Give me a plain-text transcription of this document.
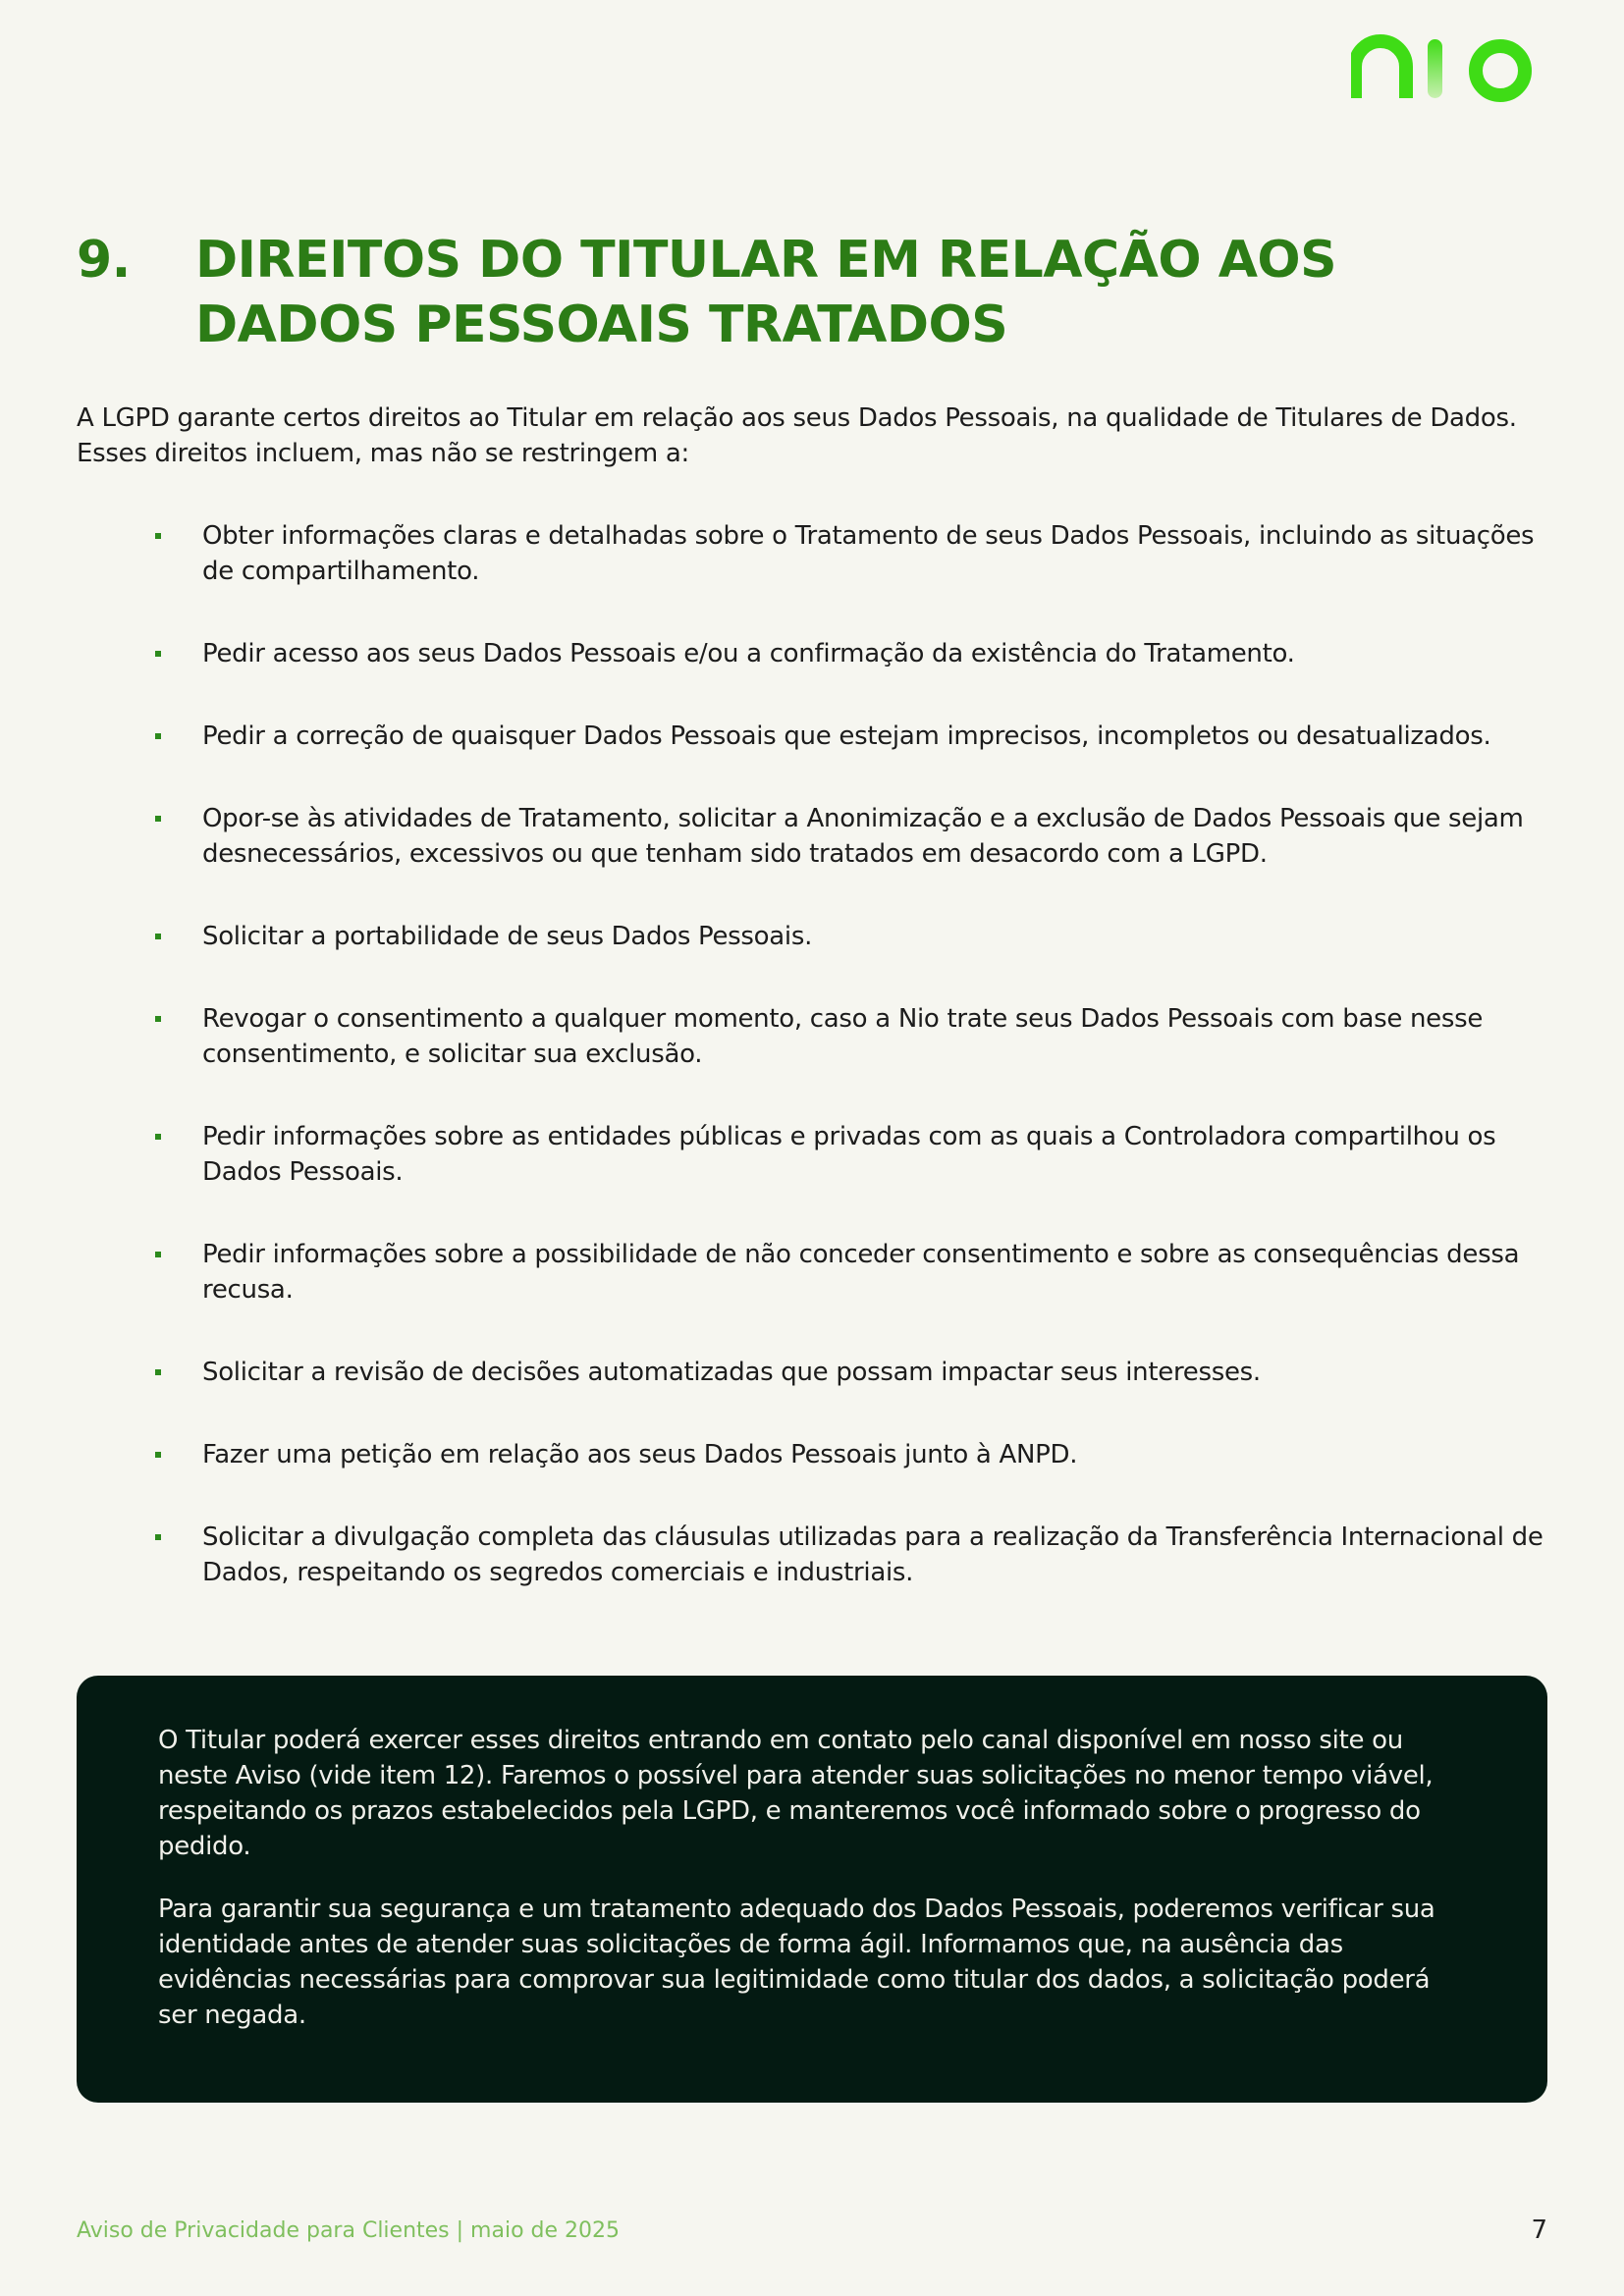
9. DIREITOS DO TITULAR EM RELAÇÃO AOS DADOS PESSOAIS TRATADOS
A LGPD garante certos direitos ao Titular em relação aos seus Dados Pessoais, na qualidade de Titulares de Dados. Esses direitos incluem, mas não se restringem a:
Obter informações claras e detalhadas sobre o Tratamento de seus Dados Pessoais, incluindo as situações de compartilhamento.
Pedir acesso aos seus Dados Pessoais e/ou a confirmação da existência do Tratamento.
Pedir a correção de quaisquer Dados Pessoais que estejam imprecisos, incompletos ou desatualizados.
Opor-se às atividades de Tratamento, solicitar a Anonimização e a exclusão de Dados Pessoais que sejam desnecessários, excessivos ou que tenham sido tratados em desacordo com a LGPD.
Solicitar a portabilidade de seus Dados Pessoais.
Revogar o consentimento a qualquer momento, caso a Nio trate seus Dados Pessoais com base nesse consentimento, e solicitar sua exclusão.
Pedir informações sobre as entidades públicas e privadas com as quais a Controladora compartilhou os Dados Pessoais.
Pedir informações sobre a possibilidade de não conceder consentimento e sobre as consequências dessa recusa.
Solicitar a revisão de decisões automatizadas que possam impactar seus interesses.
Fazer uma petição em relação aos seus Dados Pessoais junto à ANPD.
Solicitar a divulgação completa das cláusulas utilizadas para a realização da Transferência Internacional de Dados, respeitando os segredos comerciais e industriais.

O Titular poderá exercer esses direitos entrando em contato pelo canal disponível em nosso site ou neste Aviso (vide item 12). Faremos o possível para atender suas solicitações no menor tempo viável, respeitando os prazos estabelecidos pela LGPD, e manteremos você informado sobre o progresso do pedido.

Para garantir sua segurança e um tratamento adequado dos Dados Pessoais, poderemos verificar sua identidade antes de atender suas solicitações de forma ágil. Informamos que, na ausência das evidências necessárias para comprovar sua legitimidade como titular dos dados, a solicitação poderá ser negada.

Aviso de Privacidade para Clientes | maio de 2025	7
